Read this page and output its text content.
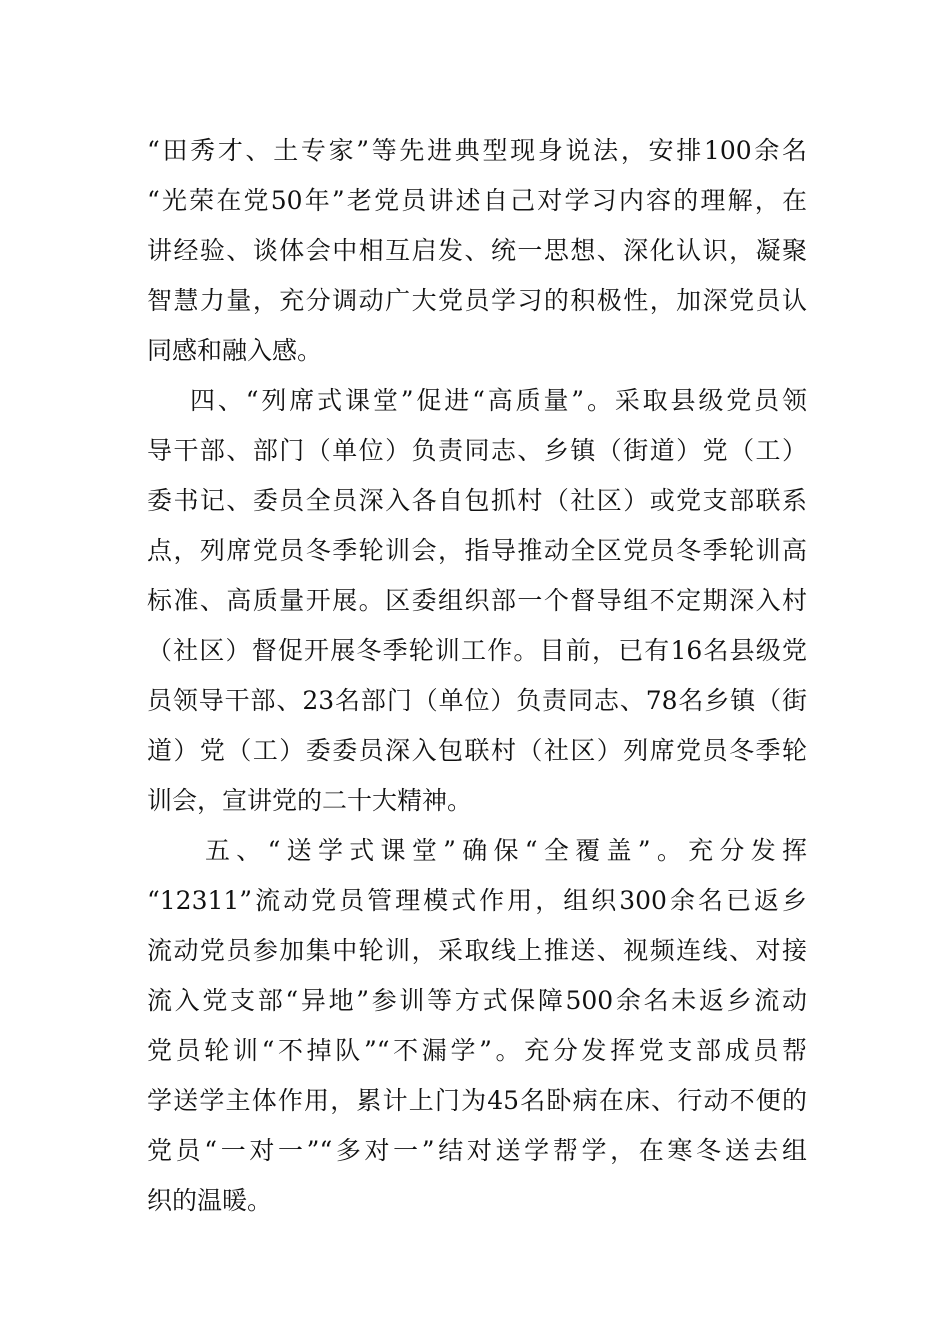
“田秀才、土专家”等先进典型现身说法，安排100余名
“光荣在党50年”老党员讲述自己对学习内容的理解，在
讲经验、谈体会中相互启发、统一思想、深化认识，凝聚
智慧力量，充分调动广大党员学习的积极性，加深党员认
同感和融入感。
四、“列席式课堂”促进“高质量”。采取县级党员领
导干部、部门（单位）负责同志、乡镇（街道）党（工）
委书记、委员全员深入各自包抓村（社区）或党支部联系
点，列席党员冬季轮训会，指导推动全区党员冬季轮训高
标准、高质量开展。区委组织部一个督导组不定期深入村
（社区）督促开展冬季轮训工作。目前，已有16名县级党
员领导干部、23名部门（单位）负责同志、78名乡镇（街
道）党（工）委委员深入包联村（社区）列席党员冬季轮
训会，宣讲党的二十大精神。
五、“送学式课堂”确保“全覆盖”。充分发挥
“12311”流动党员管理模式作用，组织300余名已返乡
流动党员参加集中轮训，采取线上推送、视频连线、对接
流入党支部“异地”参训等方式保障500余名未返乡流动
党员轮训“不掉队”“不漏学”。充分发挥党支部成员帮
学送学主体作用，累计上门为45名卧病在床、行动不便的
党员“一对一”“多对一”结对送学帮学，在寒冬送去组
织的温暖。
